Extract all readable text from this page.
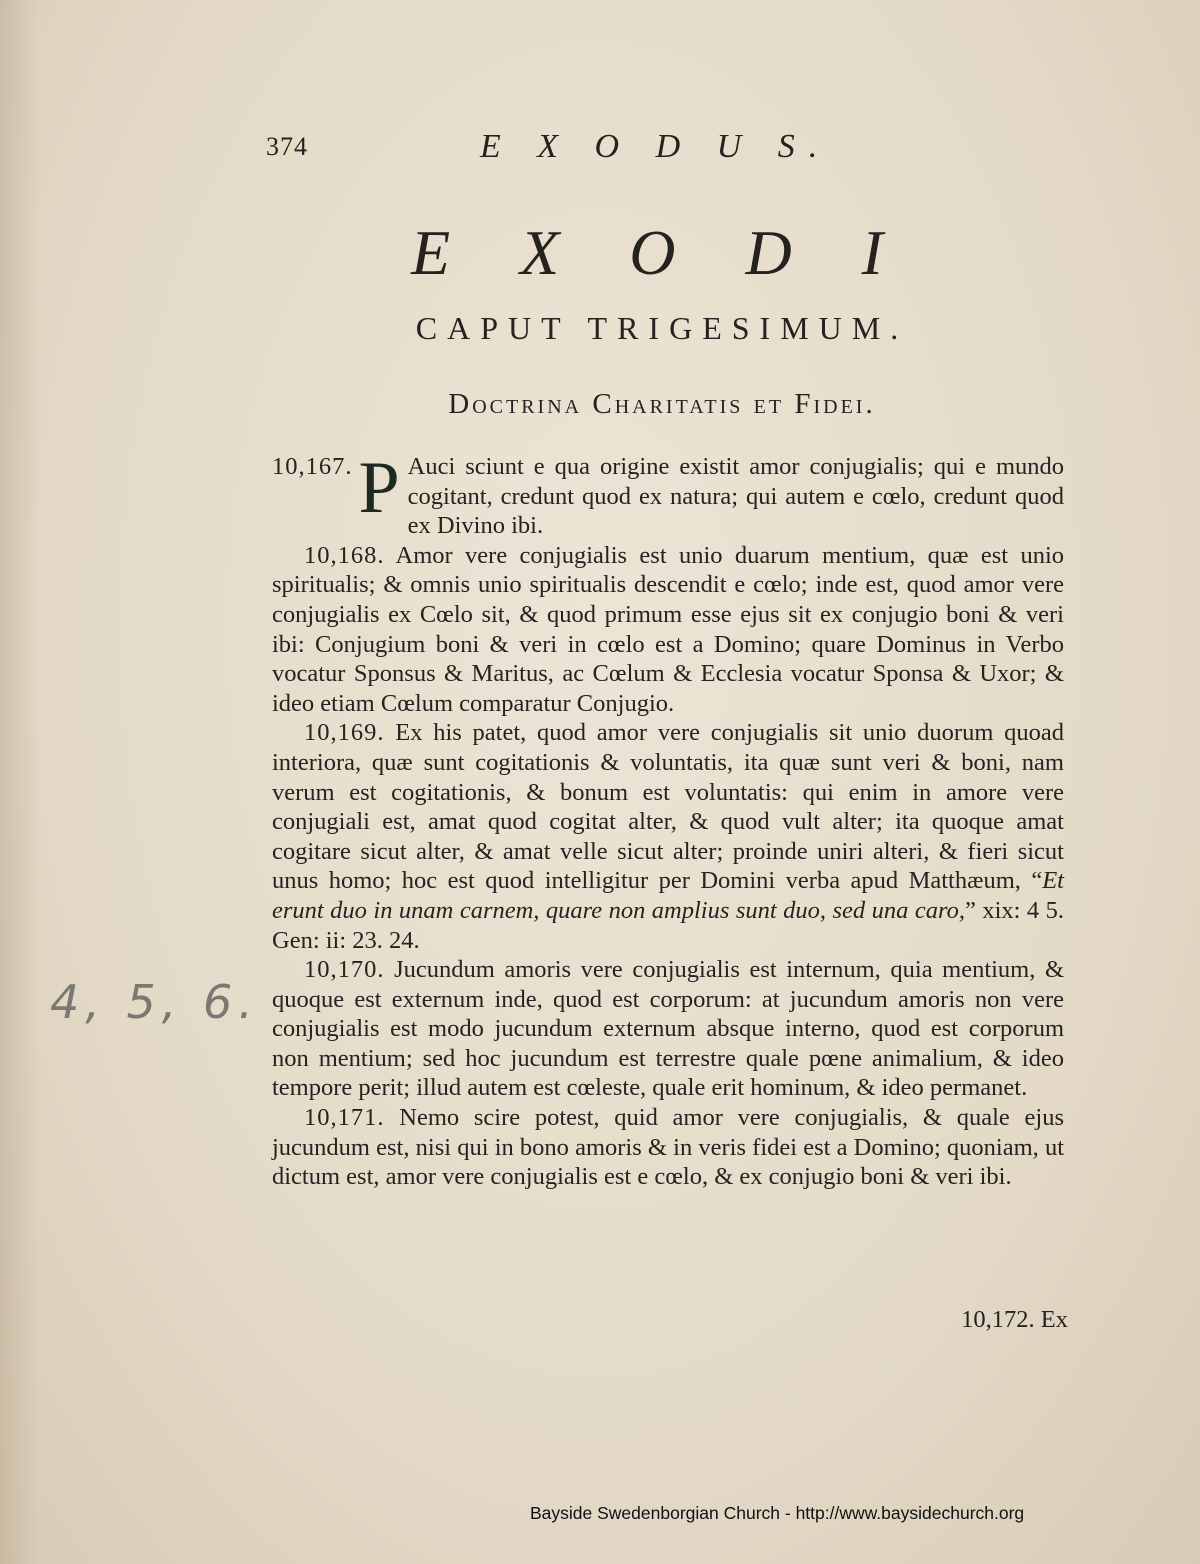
374	E X O D U S.
EXODI
CAPUT TRIGESIMUM.
Doctrina Charitatis et Fidei.

10,167. P Auci sciunt e qua origine existit amor conjugialis; qui e mundo cogitant, credunt quod ex natura; qui autem e cœlo, credunt quod ex Divino ibi.

10,168. Amor vere conjugialis est unio duarum mentium, quæ est unio spiritualis; & omnis unio spiritualis descendit e cœlo; inde est, quod amor vere conjugialis ex Cœlo sit, & quod primum esse ejus sit ex conjugio boni & veri ibi: Conjugium boni & veri in cœlo est a Domino; quare Dominus in Verbo vocatur Sponsus & Maritus, ac Cœlum & Ecclesia vocatur Sponsa & Uxor; & ideo etiam Cœlum comparatur Conjugio.

10,169. Ex his patet, quod amor vere conjugialis sit unio duorum quoad interiora, quæ sunt cogitationis & voluntatis, ita quæ sunt veri & boni, nam verum est cogitationis, & bonum est voluntatis: qui enim in amore vere conjugiali est, amat quod cogitat alter, & quod vult alter; ita quoque amat cogitare sicut alter, & amat velle sicut alter; proinde uniri alteri, & fieri sicut unus homo; hoc est quod intelligitur per Domini verba apud Matthæum, “Et erunt duo in unam carnem, quare non amplius sunt duo, sed una caro,” xix: 4 5. Gen: ii: 23. 24.

10,170. Jucundum amoris vere conjugialis est internum, quia mentium, & quoque est externum inde, quod est corporum: at jucundum amoris non vere conjugialis est modo jucundum externum absque interno, quod est corporum non mentium; sed hoc jucundum est terrestre quale pœne animalium, & ideo tempore perit; illud autem est cœleste, quale erit hominum, & ideo permanet.

10,171. Nemo scire potest, quid amor vere conjugialis, & quale ejus jucundum est, nisi qui in bono amoris & in veris fidei est a Domino; quoniam, ut dictum est, amor vere conjugialis est e cœlo, & ex conjugio boni & veri ibi.

10,172. Ex
4, 5, 6.
Bayside Swedenborgian Church - http://www.baysidechurch.org
